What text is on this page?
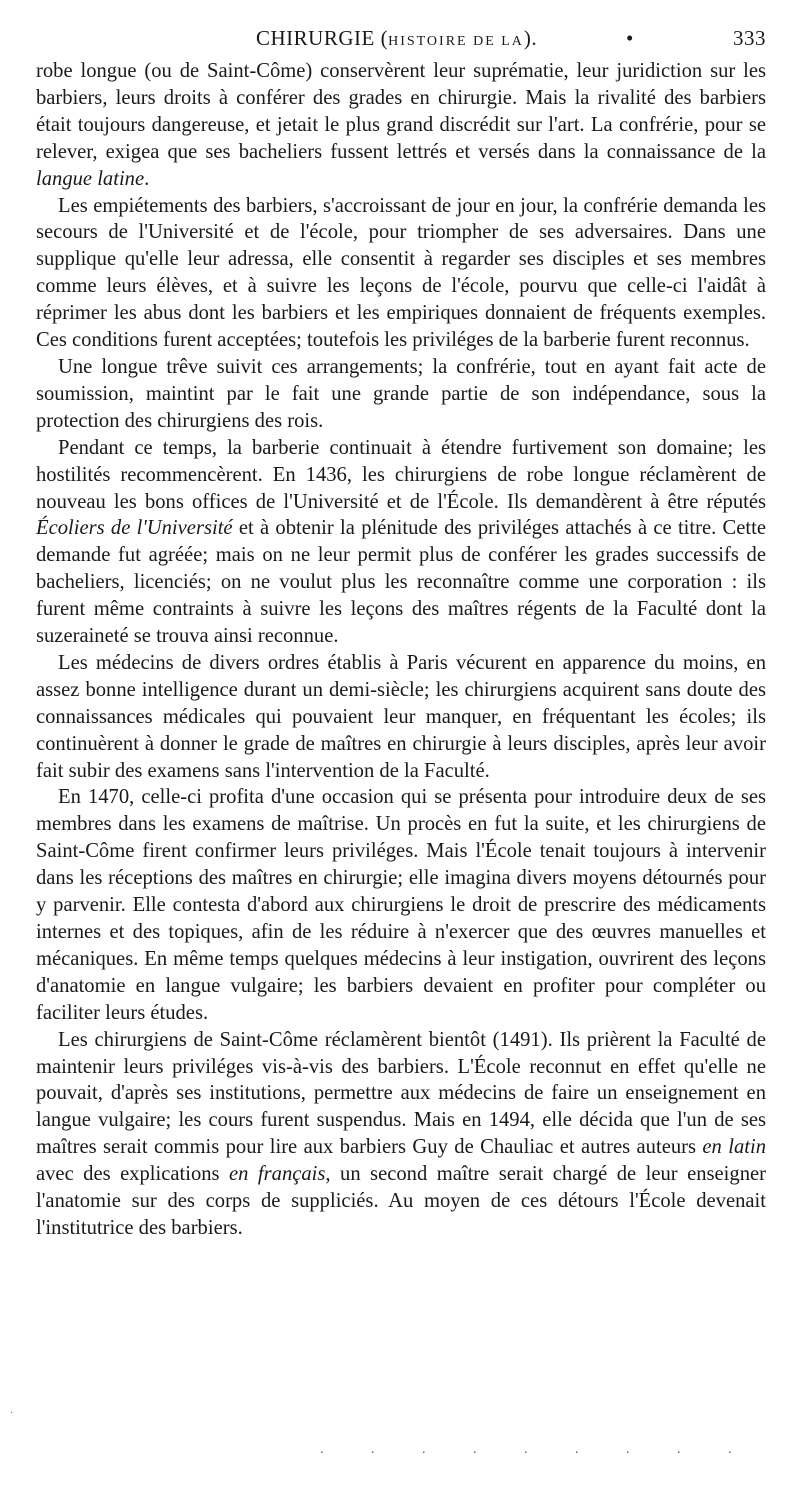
CHIRURGIE (HISTOIRE DE LA).	•	333

robe longue (ou de Saint-Côme) conservèrent leur suprématie, leur juridiction sur les barbiers, leurs droits à conférer des grades en chirurgie. Mais la rivalité des barbiers était toujours dangereuse, et jetait le plus grand discrédit sur l'art. La confrérie, pour se relever, exigea que ses bacheliers fussent lettrés et versés dans la connaissance de la langue latine.

Les empiétements des barbiers, s'accroissant de jour en jour, la confrérie demanda les secours de l'Université et de l'école, pour triompher de ses adversaires. Dans une supplique qu'elle leur adressa, elle consentit à regarder ses disciples et ses membres comme leurs élèves, et à suivre les leçons de l'école, pourvu que celle-ci l'aidât à réprimer les abus dont les barbiers et les empiriques donnaient de fréquents exemples. Ces conditions furent acceptées; toutefois les priviléges de la barberie furent reconnus.

Une longue trêve suivit ces arrangements; la confrérie, tout en ayant fait acte de soumission, maintint par le fait une grande partie de son indépendance, sous la protection des chirurgiens des rois.

Pendant ce temps, la barberie continuait à étendre furtivement son domaine; les hostilités recommencèrent. En 1436, les chirurgiens de robe longue réclamèrent de nouveau les bons offices de l'Université et de l'École. Ils demandèrent à être réputés Écoliers de l'Université et à obtenir la plénitude des priviléges attachés à ce titre. Cette demande fut agréée; mais on ne leur permit plus de conférer les grades successifs de bacheliers, licenciés; on ne voulut plus les reconnaître comme une corporation : ils furent même contraints à suivre les leçons des maîtres régents de la Faculté dont la suzeraineté se trouva ainsi reconnue.

Les médecins de divers ordres établis à Paris vécurent en apparence du moins, en assez bonne intelligence durant un demi-siècle; les chirurgiens acquirent sans doute des connaissances médicales qui pouvaient leur manquer, en fréquentant les écoles; ils continuèrent à donner le grade de maîtres en chirurgie à leurs disciples, après leur avoir fait subir des examens sans l'intervention de la Faculté.

En 1470, celle-ci profita d'une occasion qui se présenta pour introduire deux de ses membres dans les examens de maîtrise. Un procès en fut la suite, et les chirurgiens de Saint-Côme firent confirmer leurs priviléges. Mais l'École tenait toujours à intervenir dans les réceptions des maîtres en chirurgie; elle imagina divers moyens détournés pour y parvenir. Elle contesta d'abord aux chirurgiens le droit de prescrire des médicaments internes et des topiques, afin de les réduire à n'exercer que des œuvres manuelles et mécaniques. En même temps quelques médecins à leur instigation, ouvrirent des leçons d'anatomie en langue vulgaire; les barbiers devaient en profiter pour compléter ou faciliter leurs études.

Les chirurgiens de Saint-Côme réclamèrent bientôt (1491). Ils prièrent la Faculté de maintenir leurs priviléges vis-à-vis des barbiers. L'École reconnut en effet qu'elle ne pouvait, d'après ses institutions, permettre aux médecins de faire un enseignement en langue vulgaire; les cours furent suspendus. Mais en 1494, elle décida que l'un de ses maîtres serait commis pour lire aux barbiers Guy de Chauliac et autres auteurs en latin avec des explications en français, un second maître serait chargé de leur enseigner l'anatomie sur des corps de suppliciés. Au moyen de ces détours l'École devenait l'institutrice des barbiers.

·
. . . . . . . . .
